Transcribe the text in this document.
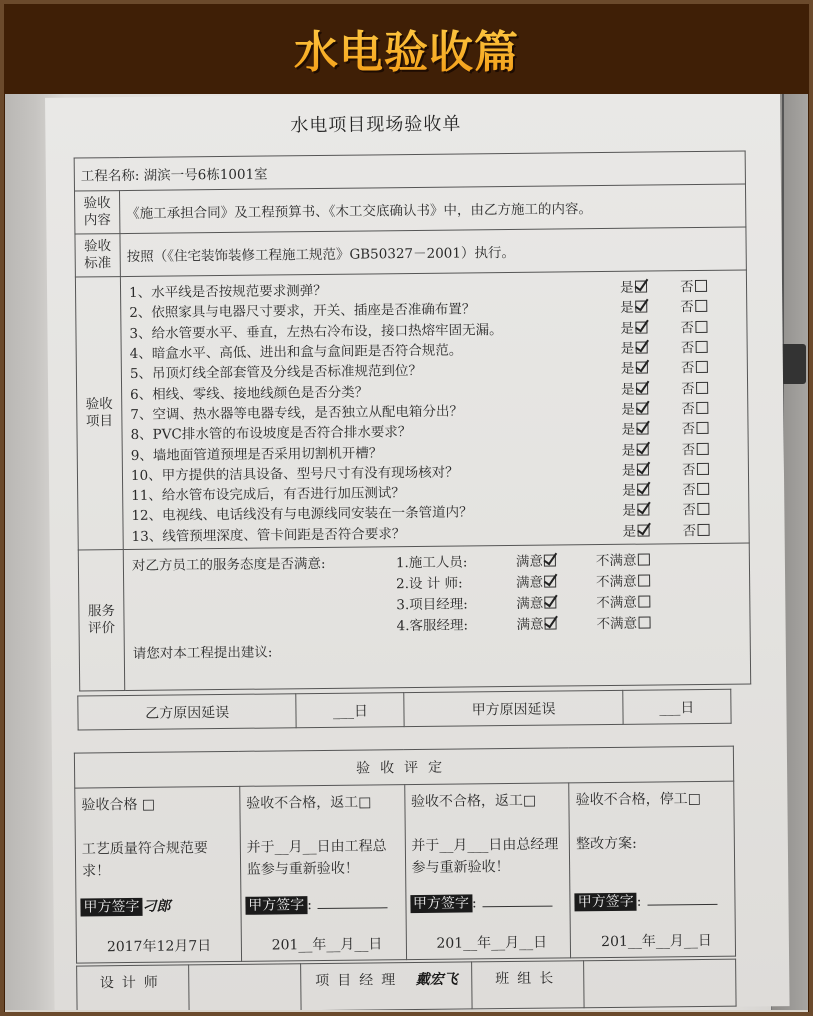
水电验收篇
水电项目现场验收单
工程名称: 湖滨一号6栋1001室	
验收内容	《施工承担合同》及工程预算书、《木工交底确认书》中，由乙方施工的内容。
验收标准	按照（《住宅装饰装修工程施工规范》GB50327－2001）执行。
验收项目	
1、水平线是否按规范要求测弹？	是	否
2、依照家具与电器尺寸要求，开关、插座是否准确布置？	是	否
3、给水管要水平、垂直，左热右冷布设，接口热熔牢固无漏。	是	否
4、暗盒水平、高低、进出和盒与盒间距是否符合规范。	是	否
5、吊顶灯线全部套管及分线是否标准规范到位？	是	否
6、相线、零线、接地线颜色是否分类？	是	否
7、空调、热水器等电器专线，是否独立从配电箱分出？	是	否
8、PVC排水管的布设坡度是否符合排水要求？	是	否
9、墙地面管道预埋是否采用切割机开槽？	是	否
10、甲方提供的洁具设备、型号尺寸有没有现场核对？	是	否
11、给水管布设完成后，有否进行加压测试？	是	否
12、电视线、电话线没有与电源线同安装在一条管道内？	是	否
13、线管预埋深度、管卡间距是否符合要求？	是	否

服务评价	
对乙方员工的服务态度是否满意:	1.施工人员:	满意	不满意
2.设 计 师:	满意	不满意
3.项目经理:	满意	不满意
4.客服经理:	满意	不满意
请您对本工程提出建议:
乙方原因延误	___日	甲方原因延误	___日
验收评定

验收合格 □
工艺质量符合规范要求！
甲方签字 刁郎
2017年12月7日

验收不合格，返工□
并于__月__日由工程总监参与重新验收！
甲方签字 :
201__年__月__日

验收不合格，返工□
并于__月___日由总经理参与重新验收！
甲方签字 :
201__年__月__日

验收不合格，停工□
整改方案:
甲方签字 :
201__年__月__日
设计师		项目经理 戴宏飞	班组长	
